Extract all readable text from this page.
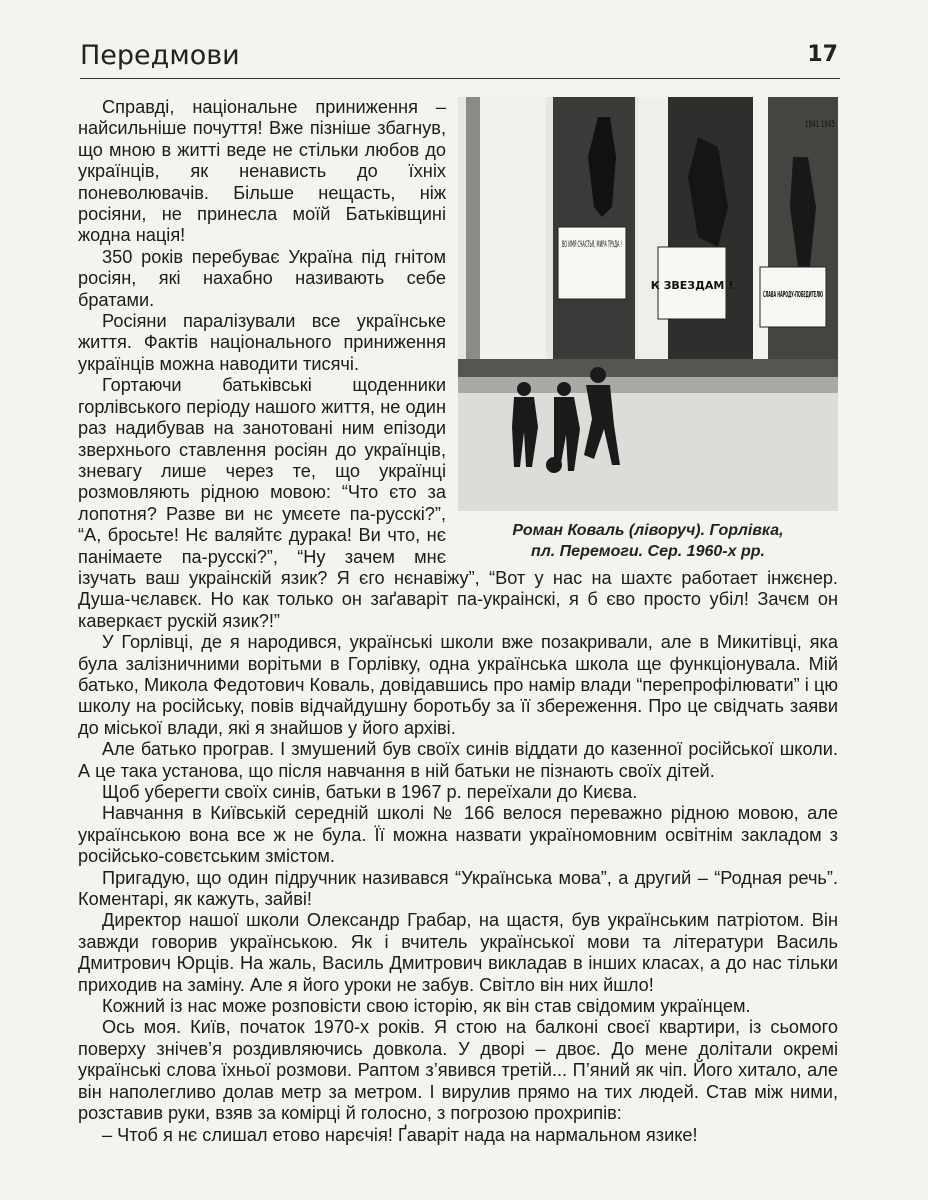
Передмови	17
ВО ИМЯ СЧАСТЬЯ, МИРА ТРУДА !
К ЗВЕЗДАМ !
СЛАВА НАРОДУ-ПОБЕДИТЕЛЮ
1941 1945
Роман Коваль (ліворуч). Горлівка,
пл. Перемоги. Сер. 1960-х рр.

Справді, національне приниження – найсильніше почуття! Вже пізніше збагнув, що мною в житті веде не стільки любов до українців, як ненависть до їхніх поневолювачів. Більше нещасть, ніж росіяни, не принесла моїй Батьківщині жодна нація!

350 років перебуває Україна під гнітом росіян, які нахабно називають себе братами.

Росіяни паралізували все українське життя. Фактів національного приниження українців можна наводити тисячі.

Гортаючи батьківські щоденники горлівського періоду нашого життя, не один раз надибував на занотовані ним епізоди зверхнього ставлення росіян до українців, зневагу лише через те, що українці розмовляють рідною мовою: “Что єто за лопотня? Разве ви нє умєете па-русскі?”, “А, бросьте! Нє валяйтє дурака! Ви что, нє панімаете па-русскі?”, “Ну зачем мнє ізучать ваш украінскій язик? Я єго нєнавіжу”, “Вот у нас на шахтє работает інжєнер. Душа-чєлавєк. Но как только он заґаваріт па-украінскі, я б єво просто убіл! Зачєм он каверкаєт рускій язик?!”

У Горлівці, де я народився, українські школи вже позакривали, але в Микитівці, яка була залізничними ворітьми в Горлівку, одна українська школа ще функціонувала. Мій батько, Микола Федотович Коваль, довідавшись про намір влади “перепрофілювати” і цю школу на російську, повів відчайдушну боротьбу за її збереження. Про це свідчать заяви до міської влади, які я знайшов у його архіві.

Але батько програв. І змушений був своїх синів віддати до казенної російської школи. А це така установа, що після навчання в ній батьки не пізнають своїх дітей.

Щоб уберегти своїх синів, батьки в 1967 р. переїхали до Києва.

Навчання в Київській середній школі № 166 велося переважно рідною мовою, але українською вона все ж не була. Її можна назвати україномовним освітнім закладом з російсько-совєтським змістом.

Пригадую, що один підручник називався “Українська мова”, а другий – “Родная речь”. Коментарі, як кажуть, зайві!

Директор нашої школи Олександр Грабар, на щастя, був українським патріотом. Він завжди говорив українською. Як і вчитель української мови та літератури Василь Дмитрович Юрців. На жаль, Василь Дмитрович викладав в інших класах, а до нас тільки приходив на заміну. Але я його уроки не забув. Світло він них йшло!

Кожний із нас може розповісти свою історію, як він став свідомим українцем.

Ось моя. Київ, початок 1970-х років. Я стою на балконі своєї квартири, із сьомого поверху знічев’я роздивляючись довкола. У дворі – двоє. До мене долітали окремі українські слова їхньої розмови. Раптом з’явився третій... П’яний як чіп. Його хитало, але він наполегливо долав метр за метром. І вирулив прямо на тих людей. Став між ними, розставив руки, взяв за комірці й голосно, з погрозою прохрипів:

– Чтоб я нє слишал етово нарєчія! Ґаваріт нада на нармальном язике!
